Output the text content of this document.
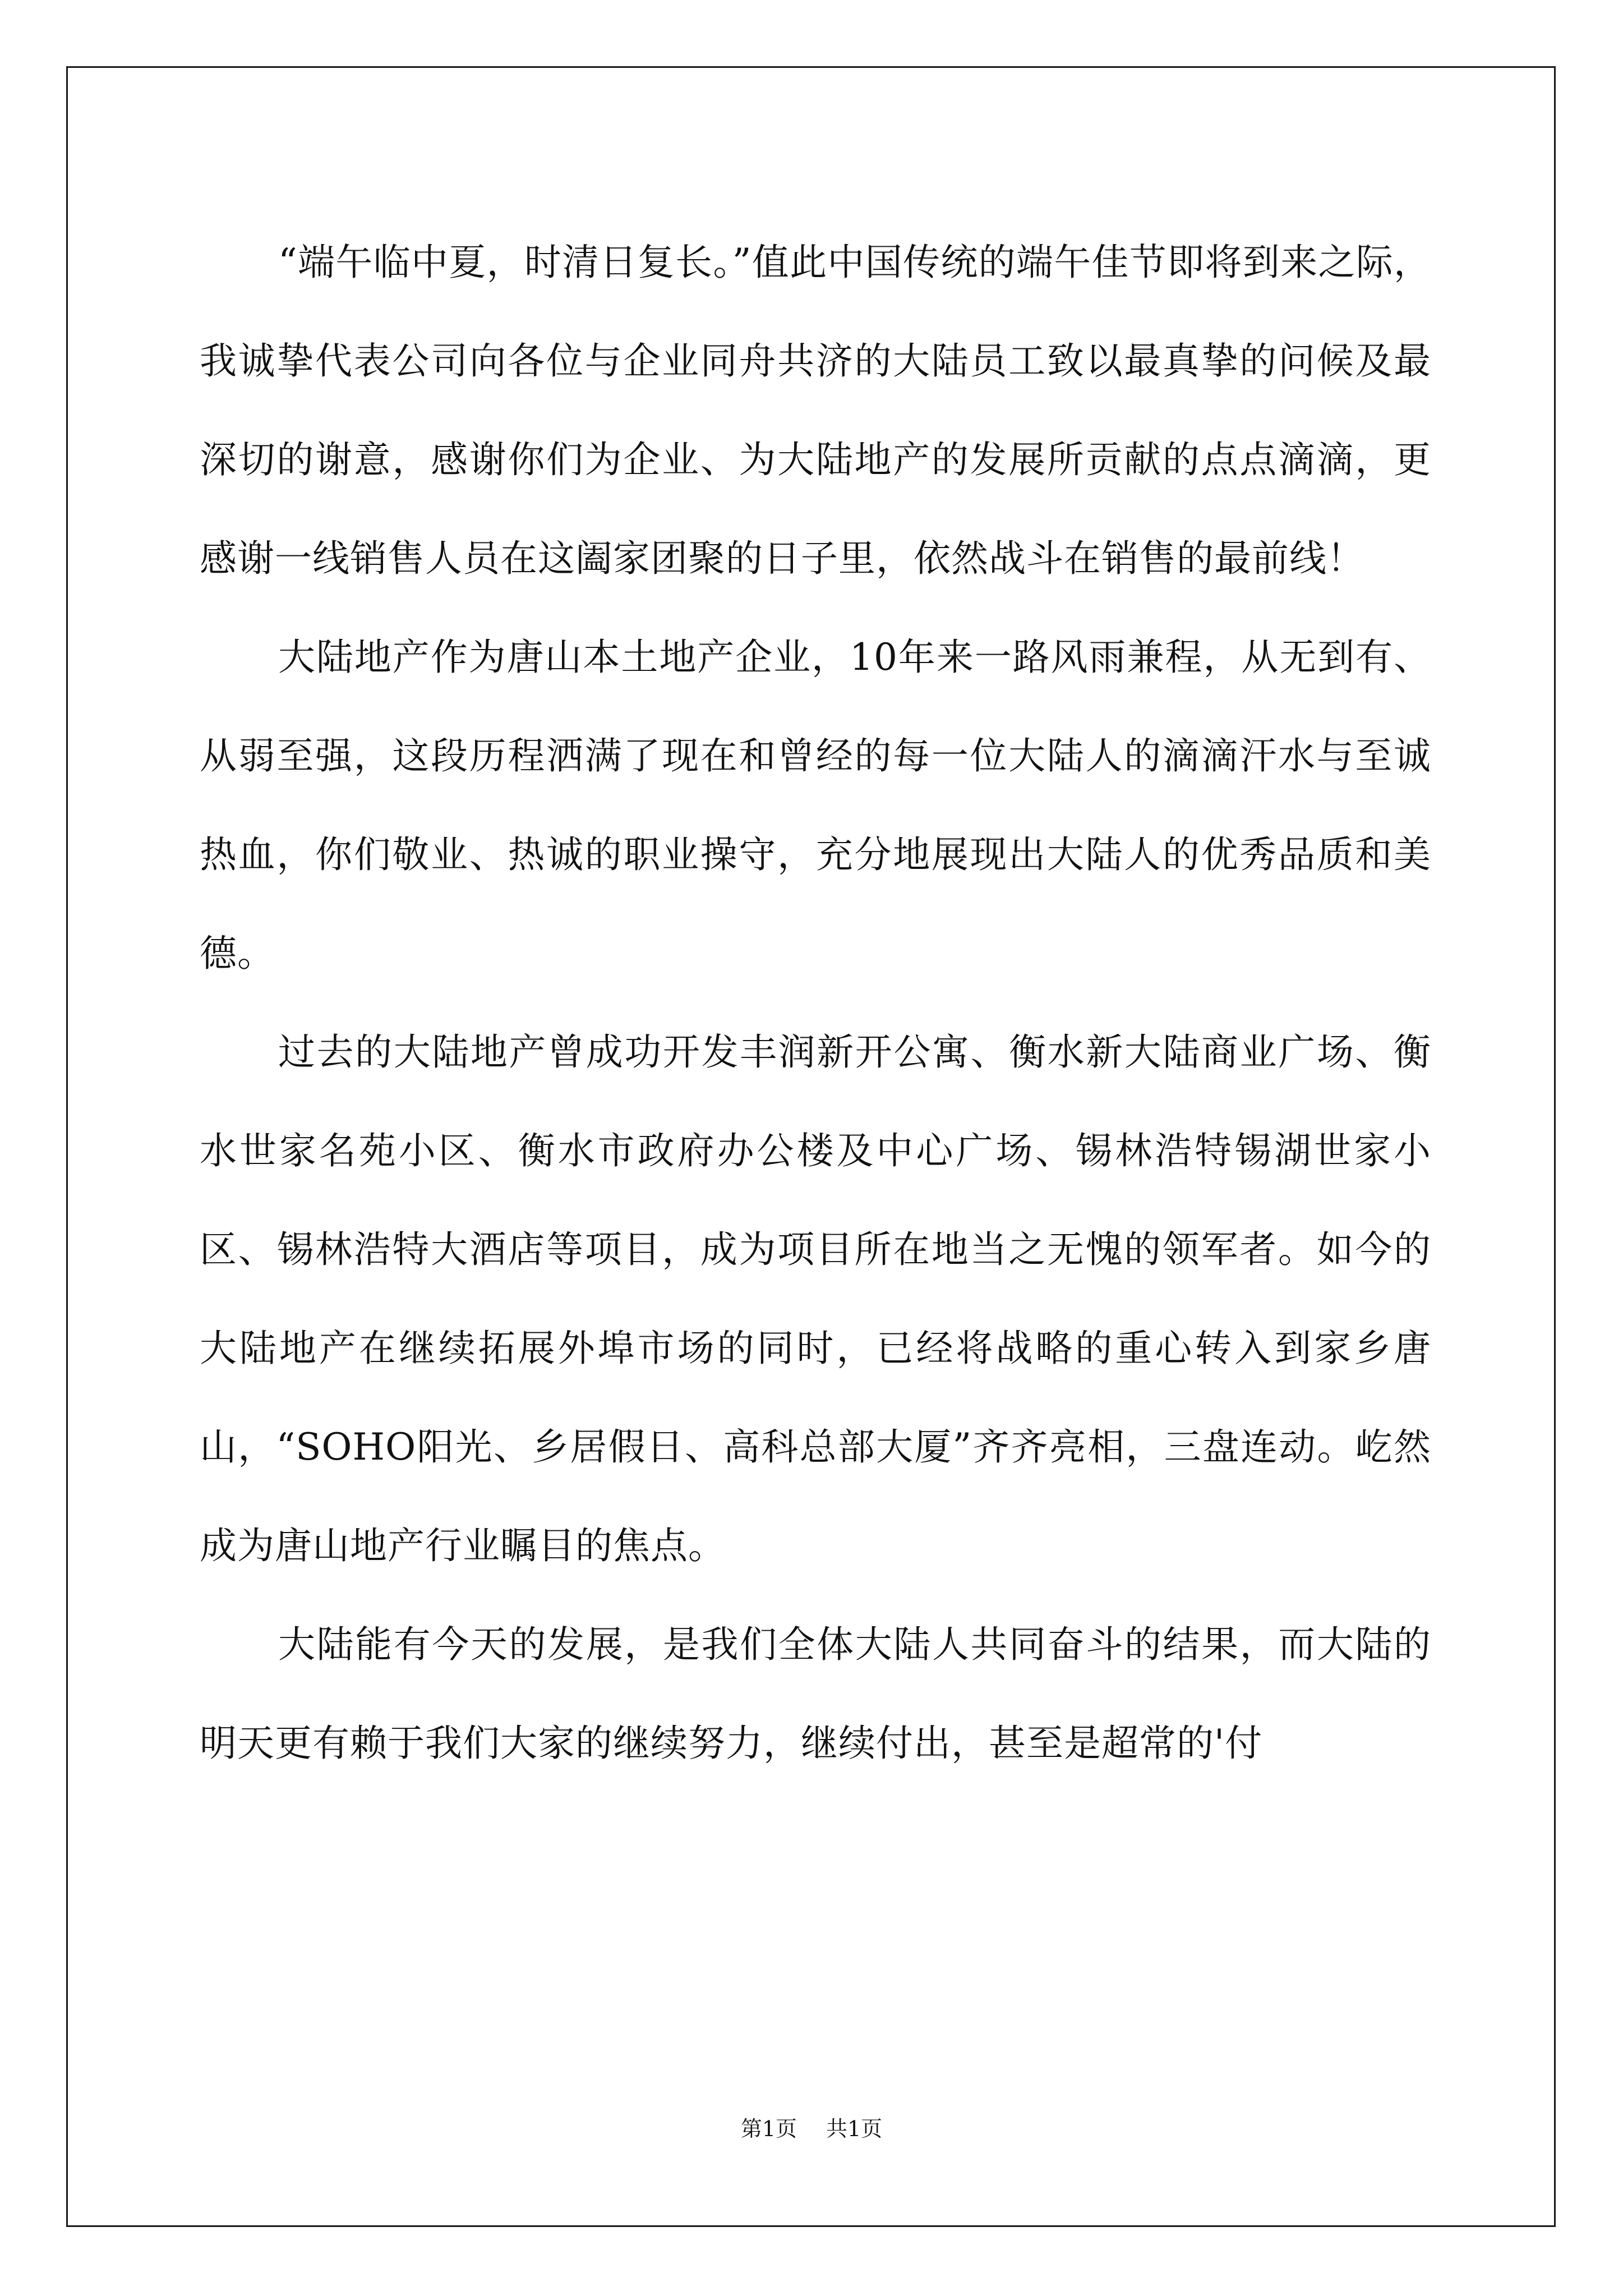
“端午临中夏，时清日复长。”值此中国传统的端午佳节即将到来之际，我诚挚代表公司向各位与企业同舟共济的大陆员工致以最真挚的问候及最深切的谢意，感谢你们为企业、为大陆地产的发展所贡献的点点滴滴，更感谢一线销售人员在这阖家团聚的日子里，依然战斗在销售的最前线！

大陆地产作为唐山本土地产企业，10年来一路风雨兼程，从无到有、从弱至强，这段历程洒满了现在和曾经的每一位大陆人的滴滴汗水与至诚热血，你们敬业、热诚的职业操守，充分地展现出大陆人的优秀品质和美德。

过去的大陆地产曾成功开发丰润新开公寓、衡水新大陆商业广场、衡水世家名苑小区、衡水市政府办公楼及中心广场、锡林浩特锡湖世家小区、锡林浩特大酒店等项目，成为项目所在地当之无愧的领军者。如今的大陆地产在继续拓展外埠市场的同时，已经将战略的重心转入到家乡唐山，“SOHO阳光、乡居假日、高科总部大厦”齐齐亮相，三盘连动。屹然成为唐山地产行业瞩目的焦点。

大陆能有今天的发展，是我们全体大陆人共同奋斗的结果，而大陆的明天更有赖于我们大家的继续努力，继续付出，甚至是超常的'付

第1页 共1页
